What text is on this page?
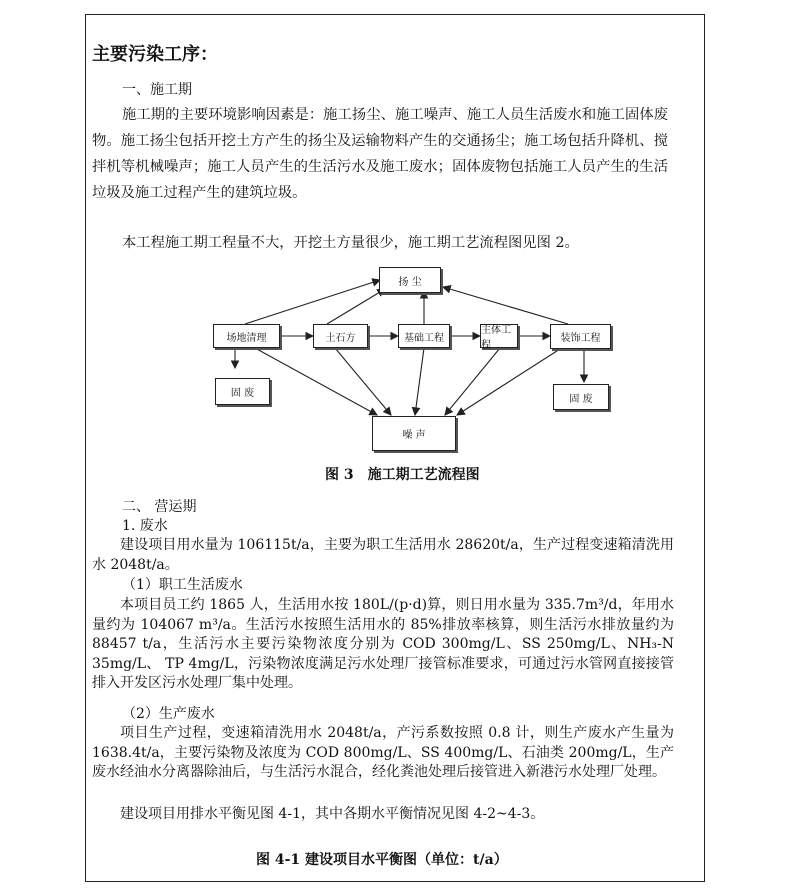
主要污染工序：
一、施工期
施工期的主要环境影响因素是：施工扬尘、施工噪声、施工人员生活废水和施工固体废物。施工扬尘包括开挖土方产生的扬尘及运输物料产生的交通扬尘；施工场包括升降机、搅拌机等机械噪声；施工人员产生的生活污水及施工废水；固体废物包括施工人员产生的生活垃圾及施工过程产生的建筑垃圾。
本工程施工期工程量不大，开挖土方量很少，施工期工艺流程图见图 2。
扬 尘
场地清理	土石方	基础工程
主体工程
装饰工程
固 废	固 废
噪 声
图 3　施工期工艺流程图
二、 营运期
1. 废水
建设项目用水量为 106115t/a，主要为职工生活用水 28620t/a，生产过程变速箱清洗用水 2048t/a。
（1）职工生活废水
本项目员工约 1865 人，生活用水按 180L/(p·d)算，则日用水量为 335.7m³/d，年用水量约为 104067 m³/a。生活污水按照生活用水的 85%排放率核算，则生活污水排放量约为 88457 t/a，生活污水主要污染物浓度分别为 COD 300mg/L、SS 250mg/L、NH₃-N 35mg/L、 TP 4mg/L，污染物浓度满足污水处理厂接管标准要求，可通过污水管网直接接管排入开发区污水处理厂集中处理。
（2）生产废水
项目生产过程，变速箱清洗用水 2048t/a，产污系数按照 0.8 计，则生产废水产生量为 1638.4t/a，主要污染物及浓度为 COD 800mg/L、SS 400mg/L、石油类 200mg/L，生产废水经油水分离器除油后，与生活污水混合，经化粪池处理后接管进入新港污水处理厂处理。
建设项目用排水平衡见图 4-1，其中各期水平衡情况见图 4-2~4-3。
图 4-1 建设项目水平衡图（单位：t/a）
